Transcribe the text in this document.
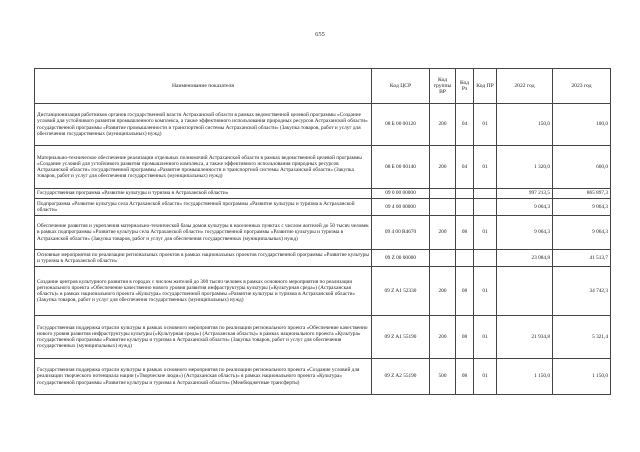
655
Наименование показателя	Код ЦСР	Код группы ВР	Код Рз	Код ПР	2022 год	2023 год
Дистанционизация работников органов государственной власти Астраханской области в рамках ведомственной целевой программы «Создание условий для устойчивого развития промышленного комплекса, а также эффективного использования природных ресурсов Астраханской области» государственной программы «Развитие промышленности и транспортной системы Астраханской области» (Закупка товаров, работ и услуг для обеспечения государственных (муниципальных) нужд)	08 Б 00 00120	200	04	01	150,0	100,0
Материально-техническое обеспечение реализации отдельных полномочий Астраханской области в рамках ведомственной целевой программы «Создание условий для устойчивого развития промышленного комплекса, а также эффективного использования природных ресурсов Астраханской области» государственной программы «Развитие промышленности и транспортной системы Астраханской области» (Закупка товаров, работ и услуг для обеспечения государственных (муниципальных) нужд)	08 Б 00 00140	200	04	01	1 320,0	660,0
Государственная программа «Развитие культуры и туризма в Астраханской области»	09 0 00 00000				997 213,5	865 897,3
Подпрограмма «Развитие культуры села Астраханской области» государственной программы «Развитие культуры и туризма в Астраханской области»	09 4 00 00000				9 064,3	9 064,3
Обеспечение развития и укрепления материально-технической базы домов культуры в населенных пунктах с числом жителей до 50 тысяч человек в рамках подпрограммы «Развитие культуры села Астраханской области» государственной программы «Развитие культуры и туризма в Астраханской области» (Закупка товаров, работ и услуг для обеспечения государственных (муниципальных) нужд)	09 4 00 R4670	200	08	01	9 064,3	9 064,3
Основные мероприятия по реализации региональных проектов в рамках национальных проектов государственной программы «Развитие культуры и туризма в Астраханской области»	09 Z 00 00000				23 084,8	41 513,7
Создание центров культурного развития в городах с числом жителей до 300 тысяч человек в рамках основного мероприятия по реализации регионального проекта «Обеспечение качественно нового уровня развития инфраструктуры культуры («Культурная среда») (Астраханская область)» в рамках национального проекта «Культура» государственной программы «Развитие культуры и туризма в Астраханской области» (Закупка товаров, работ и услуг для обеспечения государственных (муниципальных) нужд)	09 Z A1 52330	200	08	01		34 742,3
Государственная поддержка отрасли культуры в рамках основного мероприятия по реализации регионального проекта «Обеспечение качественно нового уровня развития инфраструктуры культуры («Культурная среда») (Астраханская область)» в рамках национального проекта «Культура» государственной программы «Развитие культуры и туризма в Астраханской области» (Закупка товаров, работ и услуг для обеспечения государственных (муниципальных) нужд)	09 Z A1 55190	200	08	01	21 934,8	5 321,4
Государственная поддержка отрасли культуры в рамках основного мероприятия по реализации регионального проекта «Создание условий для реализации творческого потенциала нации («Творческие люди») (Астраханская область)» в рамках национального проекта «Культура» государственной программы «Развитие культуры и туризма в Астраханской области» (Межбюджетные трансферты)	09 Z A2 55190	500	08	01	1 150,0	1 150,0
